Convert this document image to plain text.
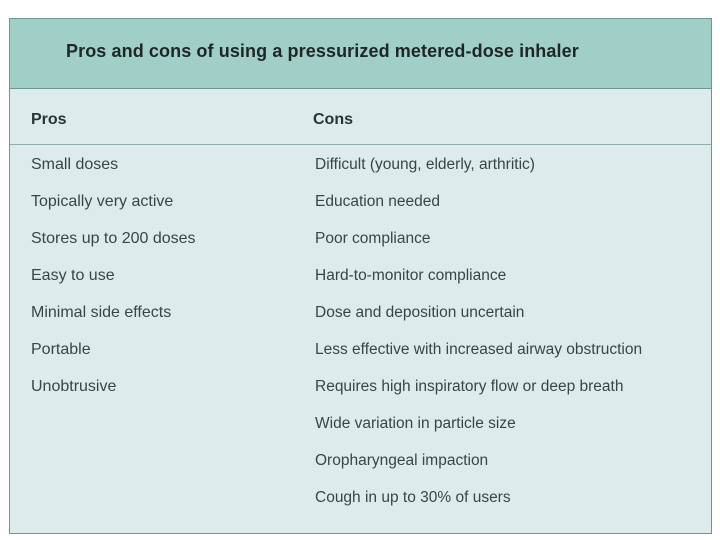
Pros and cons of using a pressurized metered-dose inhaler
Pros	Cons
Small doses
Topically very active
Stores up to 200 doses
Easy to use
Minimal side effects
Portable
Unobtrusive
Difficult (young, elderly, arthritic)
Education needed
Poor compliance
Hard-to-monitor compliance
Dose and deposition uncertain
Less effective with increased airway obstruction
Requires high inspiratory flow or deep breath
Wide variation in particle size
Oropharyngeal impaction
Cough in up to 30% of users
